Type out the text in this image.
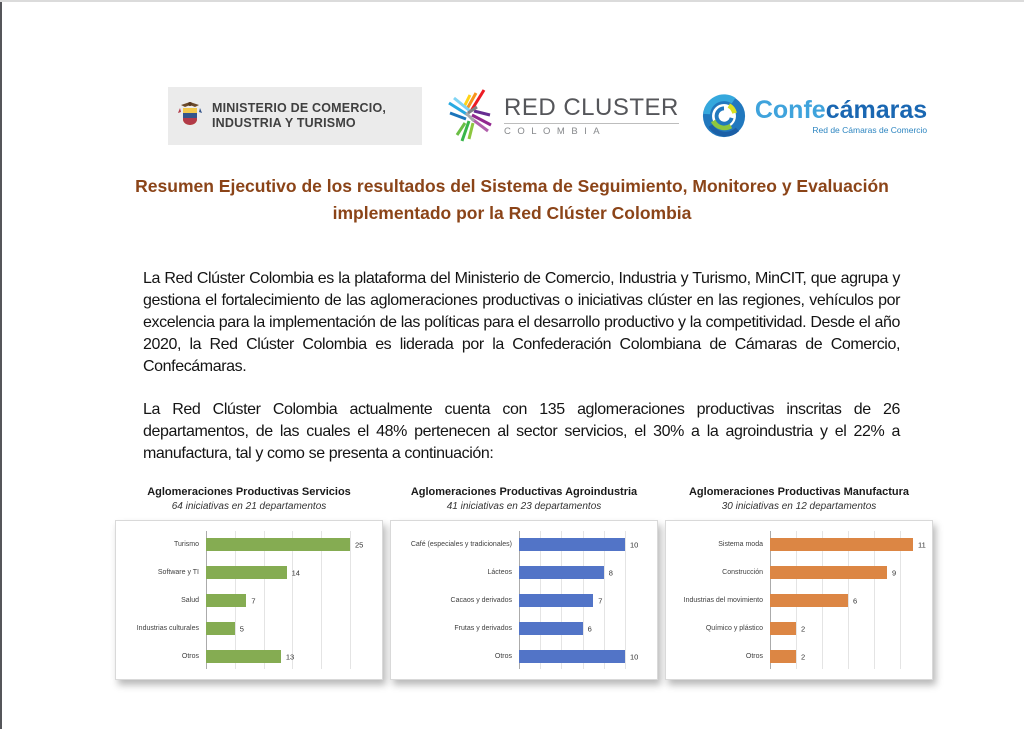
MINISTERIO DE COMERCIO,
INDUSTRIA Y TURISMO
RED CLUSTER
COLOMBIA
Confecámaras
Red de Cámaras de Comercio
Resumen Ejecutivo de los resultados del Sistema de Seguimiento, Monitoreo y Evaluación implementado por la Red Clúster Colombia

La Red Clúster Colombia es la plataforma del Ministerio de Comercio, Industria y Turismo, MinCIT, que agrupa y gestiona el fortalecimiento de las aglomeraciones productivas o iniciativas clúster en las regiones, vehículos por excelencia para la implementación de las políticas para el desarrollo productivo y la competitividad. Desde el año 2020, la Red Clúster Colombia es liderada por la Confederación Colombiana de Cámaras de Comercio, Confecámaras.

La Red Clúster Colombia actualmente cuenta con 135 aglomeraciones productivas inscritas de 26 departamentos, de las cuales el 48% pertenecen al sector servicios, el 30% a la agroindustria y el 22% a manufactura, tal y como se presenta a continuación:

Aglomeraciones Productivas Servicios
64 iniciativas en 21 departamentos
Turismo	25
Software y TI	14
Salud	7
Industrias culturales	5
Otros	13
Aglomeraciones Productivas Agroindustria
41 iniciativas en 23 departamentos
Café (especiales y tradicionales)	10
Lácteos	8
Cacaos y derivados	7
Frutas y derivados	6
Otros	10
Aglomeraciones Productivas Manufactura
30 iniciativas en 12 departamentos
Sistema moda	11
Construcción	9
Industrias del movimiento	6
Químico y plástico	2
Otros	2
